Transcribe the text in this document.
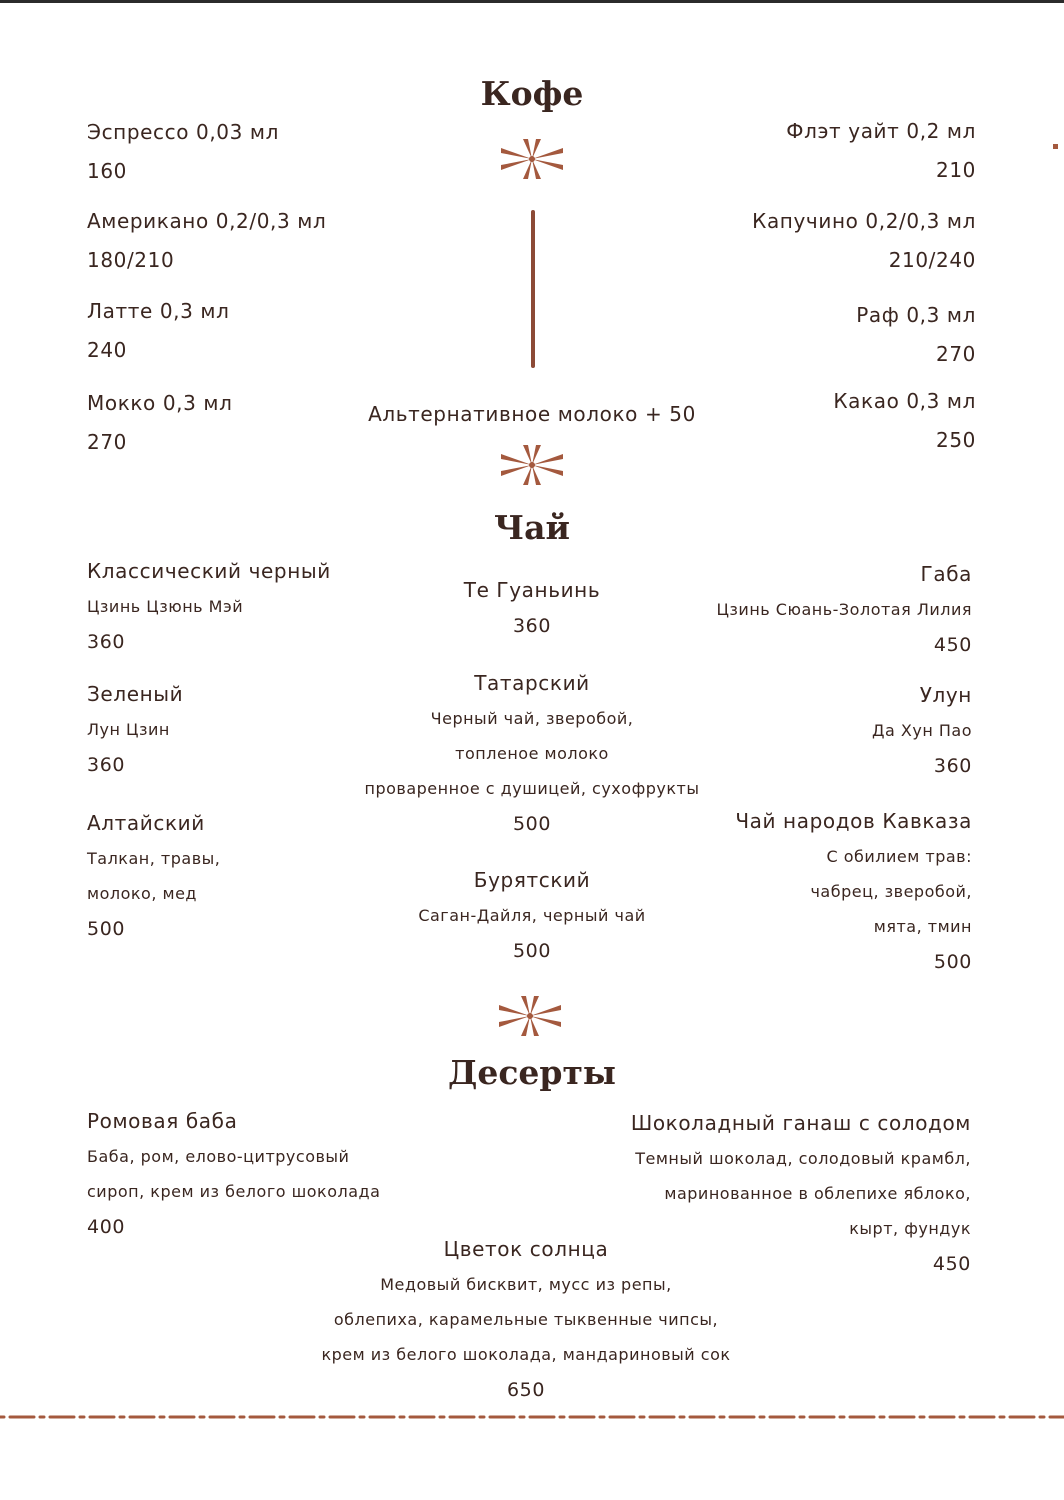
Кофе
Эспрессо 0,03 мл
160
Американо 0,2/0,3 мл
180/210
Латте 0,3 мл
240
Мокко 0,3 мл
270
Флэт уайт 0,2 мл
210
Капучино 0,2/0,3 мл
210/240
Раф 0,3 мл
270
Какао 0,3 мл
250
Альтернативное молоко + 50
Чай
Классический черный
Цзинь Цзюнь Мэй
360
Зеленый
Лун Цзин
360
Алтайский
Талкан, травы,
молоко, мед
500
Те Гуаньинь
360
Татарский
Черный чай, зверобой,
топленое молоко
проваренное с душицей, сухофрукты
500
Бурятский
Саган-Дайля, черный чай
500
Габа
Цзинь Сюань-Золотая Лилия
450
Улун
Да Хун Пао
360
Чай народов Кавказа
С обилием трав:
чабрец, зверобой,
мята, тмин
500
Десерты
Ромовая баба
Баба, ром, елово-цитрусовый
сироп, крем из белого шоколада
400
Шоколадный ганаш с солодом
Темный шоколад, солодовый крамбл,
маринованное в облепихе яблоко,
кырт, фундук
450
Цветок солнца
Медовый бисквит, мусс из репы,
облепиха, карамельные тыквенные чипсы,
крем из белого шоколада, мандариновый сок
650
